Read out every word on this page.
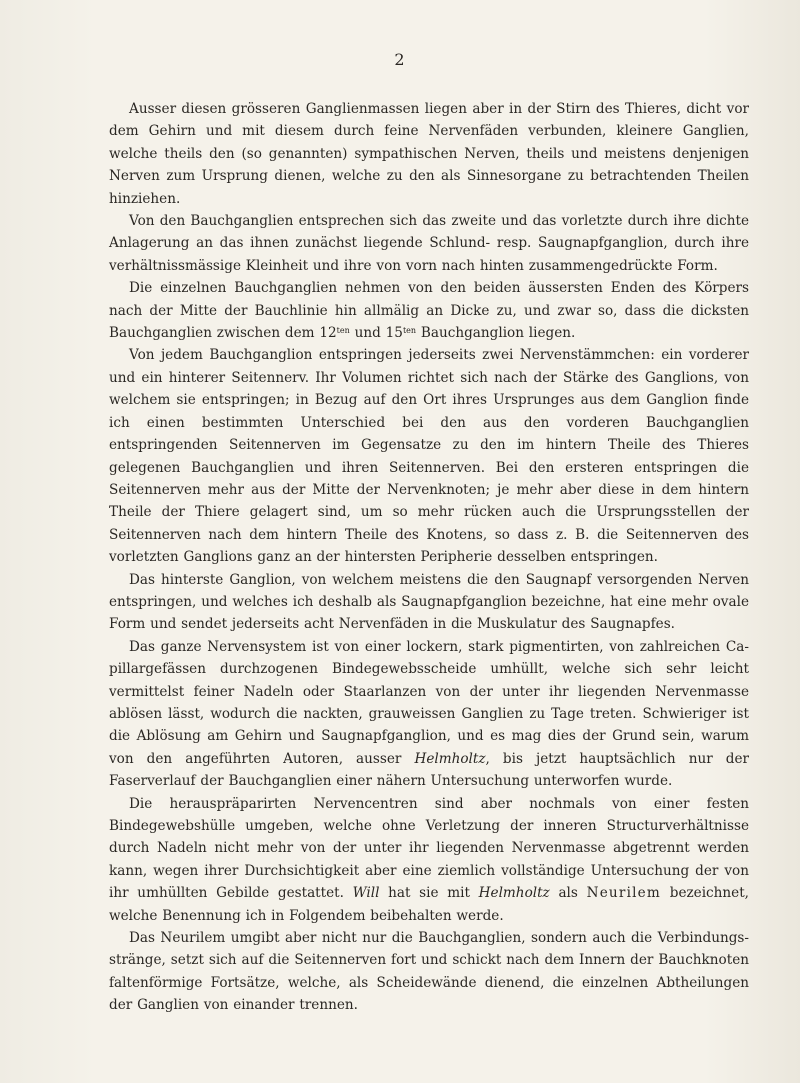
2

Ausser diesen grösseren Ganglienmassen liegen aber in der Stirn des Thieres, dicht vor dem Gehirn und mit diesem durch feine Nervenfäden verbunden, kleinere Ganglien, welche theils den (so genannten) sympathischen Nerven, theils und meistens denjenigen Nerven zum Ursprung dienen, welche zu den als Sinnesorgane zu betrachtenden Theilen hinziehen.

Von den Bauchganglien entsprechen sich das zweite und das vorletzte durch ihre dichte Anlagerung an das ihnen zunächst liegende Schlund- resp. Saugnapfganglion, durch ihre verhältnissmässige Kleinheit und ihre von vorn nach hinten zusammengedrückte Form.

Die einzelnen Bauchganglien nehmen von den beiden äussersten Enden des Körpers nach der Mitte der Bauchlinie hin allmälig an Dicke zu, und zwar so, dass die dicksten Bauchganglien zwischen dem $12^{ten}$ und $15^{ten}$ Bauchganglion liegen.

Von jedem Bauchganglion entspringen jederseits zwei Nervenstämmchen: ein vorderer und ein hinterer Seitennerv. Ihr Volumen richtet sich nach der Stärke des Ganglions, von welchem sie entspringen; in Bezug auf den Ort ihres Ursprunges aus dem Ganglion finde ich einen bestimmten Unterschied bei den aus den vorderen Bauchganglien entspringenden Seitennerven im Gegensatze zu den im hintern Theile des Thieres gelegenen Bauchganglien und ihren Seitennerven. Bei den ersteren entspringen die Seitennerven mehr aus der Mitte der Nervenknoten; je mehr aber diese in dem hintern Theile der Thiere gelagert sind, um so mehr rücken auch die Ursprungsstellen der Seitennerven nach dem hintern Theile des Knotens, so dass z. B. die Seitennerven des vorletzten Ganglions ganz an der hintersten Peripherie desselben entspringen.

Das hinterste Ganglion, von welchem meistens die den Saugnapf versorgenden Nerven entspringen, und welches ich deshalb als Saugnapfganglion bezeichne, hat eine mehr ovale Form und sendet jederseits acht Nervenfäden in die Muskulatur des Saugnapfes.

Das ganze Nervensystem ist von einer lockern, stark pigmentirten, von zahlreichen Capillargefässen durchzogenen Bindegewebsscheide umhüllt, welche sich sehr leicht vermittelst feiner Nadeln oder Staarlanzen von der unter ihr liegenden Nervenmasse ablösen lässt, wodurch die nackten, grauweissen Ganglien zu Tage treten. Schwieriger ist die Ablösung am Gehirn und Saugnapfganglion, und es mag dies der Grund sein, warum von den angeführten Autoren, ausser Helmholtz, bis jetzt hauptsächlich nur der Faserverlauf der Bauchganglien einer nähern Untersuchung unterworfen wurde.

Die herauspräparirten Nervencentren sind aber nochmals von einer festen Bindegewebshülle umgeben, welche ohne Verletzung der inneren Structurverhältnisse durch Nadeln nicht mehr von der unter ihr liegenden Nervenmasse abgetrennt werden kann, wegen ihrer Durchsichtigkeit aber eine ziemlich vollständige Untersuchung der von ihr umhüllten Gebilde gestattet. Will hat sie mit Helmholtz als Neurilem bezeichnet, welche Benennung ich in Folgendem beibehalten werde.

Das Neurilem umgibt aber nicht nur die Bauchganglien, sondern auch die Verbindungsstränge, setzt sich auf die Seitennerven fort und schickt nach dem Innern der Bauchknoten faltenförmige Fortsätze, welche, als Scheidewände dienend, die einzelnen Abtheilungen der Ganglien von einander trennen.
